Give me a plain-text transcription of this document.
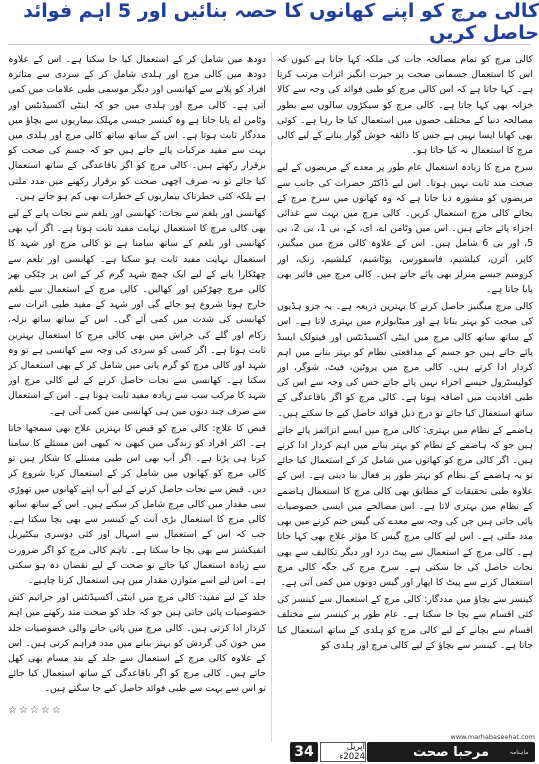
کالی مرچ کو اپنے کھانوں کا حصہ بنائیں اور 5 اہم فوائد حاصل کریں

کالی مرچ کو تمام مصالحہ جات کی ملکہ کہا جاتا ہے کیوں کہ اس کا استعمال جسمانی صحت پر حیرت انگیز اثرات مرتب کرتا ہے۔ کہا جاتا ہے کہ اس کالی مرچ کو طبی فوائد کی وجہ سے کالا خزانہ بھی کہا جاتا ہے۔ کالی مرچ کو سیکڑوں سالوں سے بطور مصالحہ دنیا کے مختلف حصوں میں استعمال کیا جا رہا ہے۔ کوئی بھی کھانا ایسا نہیں ہے جس کا ذائقہ خوش گوار بنانے کے لیے کالی مرچ کا استعمال نہ کیا جاتا ہو۔

سرخ مرچ کا زیادہ استعمال عام طور پر معدے کے مریضوں کے لیے صحت مند ثابت نہیں ہوتا۔ اس لیے ڈاکٹر حضرات کی جانب سے مریضوں کو مشورہ دیا جاتا ہے کہ وہ کھانوں میں سرخ مرچ کے بجائے کالی مرچ استعمال کریں۔ کالی مرچ میں بہت سے غذائی اجزاء پائے جاتے ہیں۔ اس میں وٹامن اے، ای، کے، بی 1، بی 2، بی 5، اور بی 6 شامل ہیں۔ اس کے علاوہ کالی مرچ میں میگنیز، کاپر، آئرن، کیلشیم، فاسفورس، پوٹاشیم، کیلشیم، زنک، اور کرومیم جیسے منرلز بھی پائے جاتے ہیں۔ کالی مرچ میں فائبر بھی پایا جاتا ہے۔

کالی مرچ میگنیز حاصل کرنے کا بہترین ذریعہ ہے۔ یہ جزو ہڈیوں کی صحت کو بہتر بناتا ہے اور میٹابولزم میں بہتری لاتا ہے۔ اس کے ساتھ ساتھ کالی مرچ میں اینٹی آکسیڈنٹس اور فینولک ایسڈ پائے جاتے ہیں جو جسم کے مدافعتی نظام کو بہتر بنانے میں اہم کردار ادا کرتے ہیں۔ کالی مرچ میں پروٹین، فیٹ، شوگر، اور کولیسٹرول جیسے اجزاء نہیں پائے جاتے جس کی وجہ سے اس کی طبی افادیت میں اضافہ ہوتا ہے۔ کالی مرچ کو اگر باقاعدگی کے ساتھ استعمال کیا جائے تو درج ذیل فوائد حاصل کیے جا سکتے ہیں۔

ہاضمے کے نظام میں بہتری: کالی مرچ میں ایسے انزائمز پائے جاتے ہیں جو کہ ہاضمے کے نظام کو بہتر بنانے میں اہم کردار ادا کرتے ہیں۔ اگر کالی مرچ کو کھانوں میں شامل کر کے استعمال کیا جائے تو یہ ہاضمے کے نظام کو بہتر طور پر فعال بنا دیتی ہے۔ اس کے علاوہ طبی تحقیقات کے مطابق بھی کالی مرچ کا استعمال ہاضمے کے نظام میں بہتری لاتا ہے۔ اس مصالحے میں ایسی خصوصیات پائی جاتی ہیں جن کی وجہ سے معدے کی گیس ختم کرنے میں بھی مدد ملتی ہے۔ اس لیے کالی مرچ گیس کا مؤثر علاج بھی کہا جاتا ہے۔ کالی مرچ کے استعمال سے پیٹ درد اور دیگر تکالیف سے بھی نجات حاصل کی جا سکتی ہے۔ سرخ مرچ کی جگہ کالی مرچ استعمال کرنے سے پیٹ کا اپھار اور گیس دونوں میں کمی آتی ہے۔

کینسر سے بچاؤ میں مددگار: کالی مرچ کے استعمال سے کینسر کی کئی اقسام سے بچا جا سکتا ہے۔ عام طور پر کینسر سے مختلف اقسام سے بچانے کے لیے کالی مرچ کو ہلدی کے ساتھ استعمال کیا جاتا ہے۔ کینسر سے بچاؤ کے لیے کالی مرچ اور ہلدی کو

دودھ میں شامل کر کے استعمال کیا جا سکتا ہے۔ اس کے علاوہ دودھ میں کالی مرچ اور ہلدی شامل کر کے سردی سے متاثرہ افراد کو پلانے سے کھانسی اور دیگر موسمی طبی علامات میں کمی آتی ہے۔ کالی مرچ اور ہلدی میں جو کہ اینٹی آکسیڈنٹس اور وٹامن اے پایا جاتا ہے وہ کینسر جیسی مہلک بیماریوں سے بچاؤ میں مددگار ثابت ہوتا ہے۔ اس کے ساتھ ساتھ کالی مرچ اور ہلدی میں بہت سے مفید مرکبات پائے جاتے ہیں جو کہ جسم کی صحت کو برقرار رکھتے ہیں۔ کالی مرچ کو اگر باقاعدگی کے ساتھ استعمال کیا جائے تو نہ صرف اچھی صحت کو برقرار رکھنے میں مدد ملتی ہے بلکہ کئی خطرناک بیماریوں کے خطرات بھی کم ہو جاتے ہیں۔

کھانسی اور بلغم سے نجات: کھانسی اور بلغم سے نجات پانے کے لیے بھی کالی مرچ کا استعمال نہایت مفید ثابت ہوتا ہے۔ اگر آپ بھی کھانسی اور بلغم کے ساتھ سامنا ہے تو کالی مرچ اور شہد کا استعمال نہایت مفید ثابت ہو سکتا ہے۔ کھانسی اور بلغم سے چھٹکارا پانے کے لیے ایک چمچ شہد گرم کر کے اس پر چٹکی بھر کالی مرچ چھڑکیں اور کھالیں۔ کالی مرچ کے استعمال سے بلغم خارج ہونا شروع ہو جائے گی اور شہد کے مفید طبی اثرات سے کھانسی کی شدت میں کمی آئے گی۔ اس کے ساتھ ساتھ نزلہ، زکام اور گلے کی خراش میں بھی کالی مرچ کا استعمال بہترین ثابت ہوتا ہے۔ اگر کسی کو سردی کی وجہ سے کھانسی ہے تو وہ شہد اور کالی مرچ کو گرم پانی میں شامل کر کے بھی استعمال کر سکتا ہے۔ کھانسی سے نجات حاصل کرنے کے لیے کالی مرچ اور شہد کا مرکب سب سے زیادہ مفید ثابت ہوتا ہے۔ اس کے استعمال سے صرف چند دنوں میں ہی کھانسی میں کمی آتی ہے۔

قبض کا علاج: کالی مرچ کو قبض کا بہترین علاج بھی سمجھا جاتا ہے۔ اکثر افراد کو زندگی میں کبھی نہ کبھی اس مسئلے کا سامنا کرنا ہی پڑتا ہے۔ اگر آپ بھی اس طبی مسئلے کا شکار ہیں تو کالی مرچ کو کھانوں میں شامل کر کے استعمال کرنا شروع کر دیں۔ قبض سے نجات حاصل کرنے کے لیے آپ اپنے کھانوں میں تھوڑی سی مقدار میں کالی مرچ شامل کر سکتے ہیں۔ اس کے ساتھ ساتھ کالی مرچ کا استعمال بڑی آنت کے کینسر سے بھی بچا سکتا ہے۔ جب کہ اس کے استعمال سے اسہال اور کئی دوسری بیکٹیریل انفیکشنز سے بھی بچا جا سکتا ہے۔ تاہم کالی مرچ کو اگر ضرورت سے زیادہ استعمال کیا جائے تو صحت کے لیے نقصان دہ ہو سکتی ہے۔ اس لیے اسے متوازن مقدار میں ہی استعمال کرنا چاہیے۔

جلد کے لیے مفید: کالی مرچ میں اینٹی آکسیڈنٹس اور جراثیم کش خصوصیات پائی جاتی ہیں جو کہ جلد کو صحت مند رکھنے میں اہم کردار ادا کرتی ہیں۔ کالی مرچ میں پائی جانے والی خصوصیات جلد میں خون کی گردش کو بہتر بنانے میں مدد فراہم کرتی ہیں۔ اس کے علاوہ کالی مرچ کے استعمال سے جلد کے بند مسام بھی کھل جاتے ہیں۔ کالی مرچ کو اگر باقاعدگی کے ساتھ استعمال کیا جائے تو اس سے بہت سے طبی فوائد حاصل کیے جا سکتے ہیں۔

☆☆☆☆☆
www.marhabaseehat.com
مرحبا صحت	ماہنامہ
34	اپریل 2024ء
